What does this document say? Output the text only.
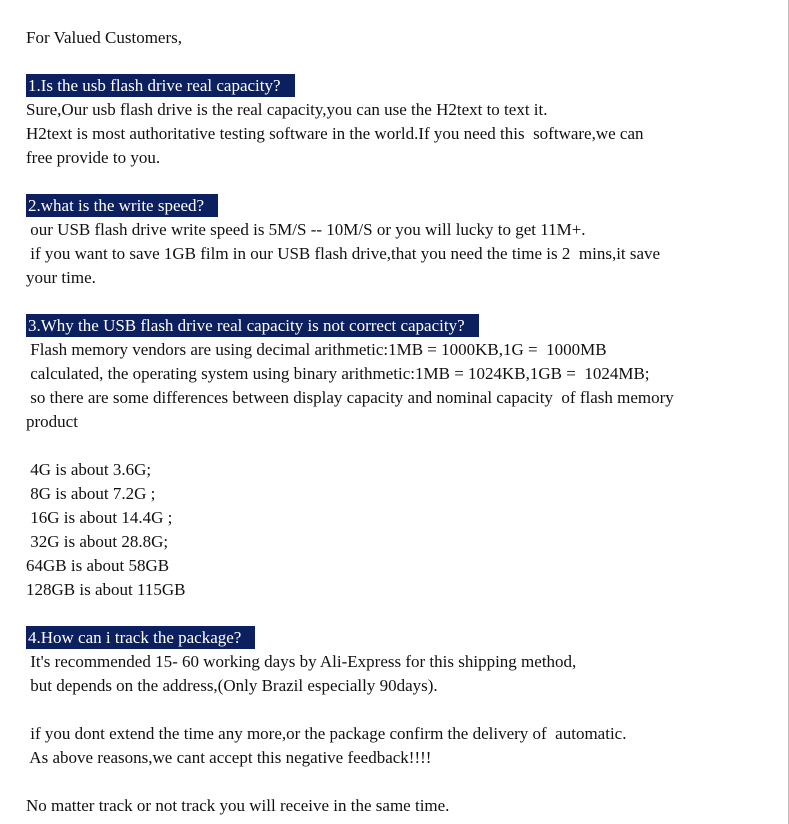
For Valued Customers,
1.Is the usb flash drive real capacity?
Sure,Our usb flash drive is the real capacity,you can use the H2text to text it.
H2text is most authoritative testing software in the world.If you need this  software,we can
free provide to you.
2.what is the write speed?
our USB flash drive write speed is 5M/S -- 10M/S or you will lucky to get 11M+.
if you want to save 1GB film in our USB flash drive,that you need the time is 2  mins,it save
your time.
3.Why the USB flash drive real capacity is not correct capacity?
Flash memory vendors are using decimal arithmetic:1MB = 1000KB,1G =  1000MB
calculated, the operating system using binary arithmetic:1MB = 1024KB,1GB =  1024MB;
so there are some differences between display capacity and nominal capacity  of flash memory
product
4G is about 3.6G;
8G is about 7.2G ;
16G is about 14.4G ;
32G is about 28.8G;
64GB is about 58GB
128GB is about 115GB
4.How can i track the package?
It's recommended 15- 60 working days by Ali-Express for this shipping method,
but depends on the address,(Only Brazil especially 90days).
if you dont extend the time any more,or the package confirm the delivery of  automatic.
As above reasons,we cant accept this negative feedback!!!!
No matter track or not track you will receive in the same time.
